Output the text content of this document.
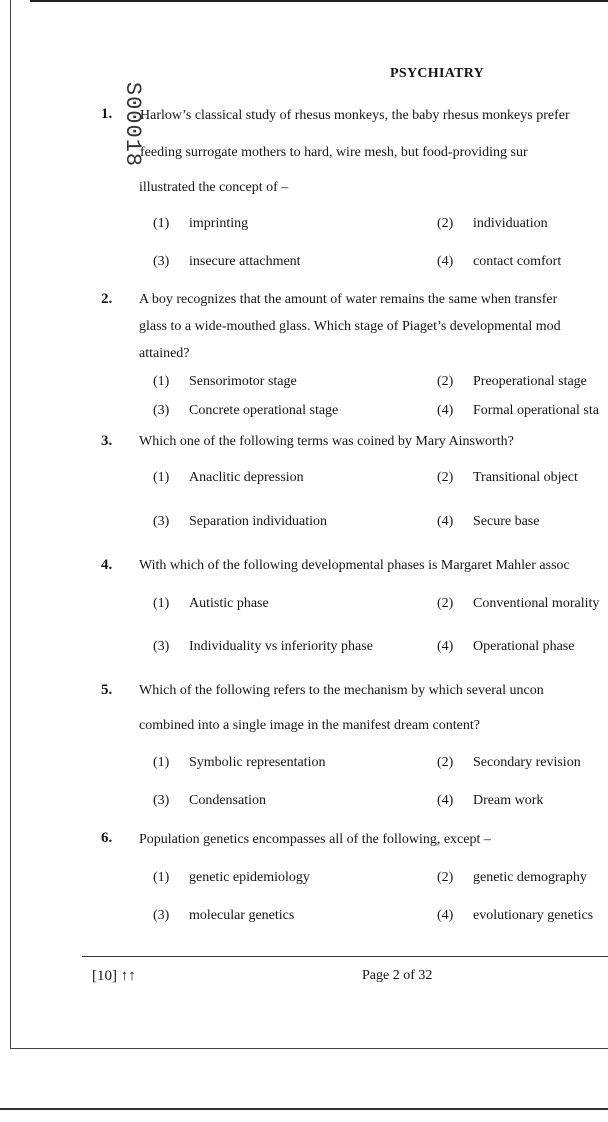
S00018
PSYCHIATRY
1. Harlow’s classical study of rhesus monkeys, the baby rhesus monkeys prefer
feeding surrogate mothers to hard, wire mesh, but food-providing sur
illustrated the concept of –
(1) imprinting	(2) individuation
(3) insecure attachment	(4) contact comfort
2. A boy recognizes that the amount of water remains the same when transfer
glass to a wide-mouthed glass. Which stage of Piaget’s developmental mod
attained?
(1) Sensorimotor stage	(2) Preoperational stage
(3) Concrete operational stage	(4) Formal operational sta
3. Which one of the following terms was coined by Mary Ainsworth?
(1) Anaclitic depression	(2) Transitional object
(3) Separation individuation	(4) Secure base
4. With which of the following developmental phases is Margaret Mahler assoc
(1) Autistic phase	(2) Conventional morality
(3) Individuality vs inferiority phase	(4) Operational phase
5. Which of the following refers to the mechanism by which several uncon
combined into a single image in the manifest dream content?
(1) Symbolic representation	(2) Secondary revision
(3) Condensation	(4) Dream work
6. Population genetics encompasses all of the following, except –
(1) genetic epidemiology	(2) genetic demography
(3) molecular genetics	(4) evolutionary genetics
[10] ↑↑	Page 2 of 32
